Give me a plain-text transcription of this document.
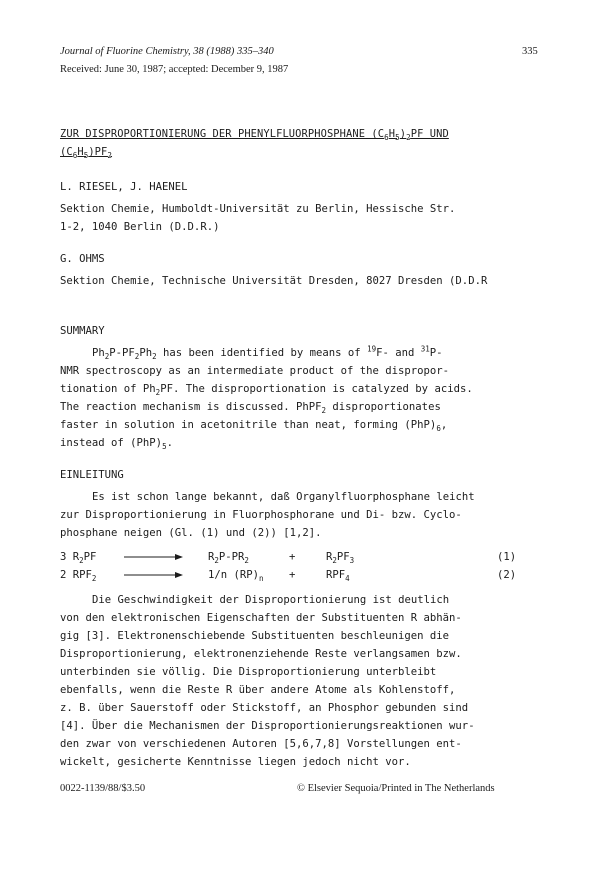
Journal of Fluorine Chemistry, 38 (1988) 335–340	335
Received: June 30, 1987; accepted: December 9, 1987
ZUR DISPROPORTIONIERUNG DER PHENYLFLUORPHOSPHANE $(C_6H_5)_2PF$ UND
$(C_6H_5)PF_2$
L. RIESEL, J. HAENEL
Sektion Chemie, Humboldt-Universität zu Berlin, Hessische Str.
1-2, 1040 Berlin (D.D.R.)
G. OHMS
Sektion Chemie, Technische Universität Dresden, 8027 Dresden (D.D.R
SUMMARY
$Ph_2P-PF_2Ph_2$ has been identified by means of $^{19}$F- and $^{31}$P-
NMR spectroscopy as an intermediate product of the dispropor-
tionation of $Ph_2PF$. The disproportionation is catalyzed by acids.
The reaction mechanism is discussed. PhPF$_2$ disproportionates
faster in solution in acetonitrile than neat, forming $(PhP)_6$,
instead of $(PhP)_5$.
EINLEITUNG
Es ist schon lange bekannt, daß Organylfluorphosphane leicht
zur Disproportionierung in Fluorphosphorane und Di- bzw. Cyclo-
phosphane neigen (Gl. (1) und (2)) [1,2].
3 $R_2PF \to R_2P-PR_2$	+	$R_2PF_3$	(1)
2 $RPF_2 \to 1/n$ $(RP)_n$ +	$RPF_4$	(2)
Die Geschwindigkeit der Disproportionierung ist deutlich
von den elektronischen Eigenschaften der Substituenten R abhän-
gig [3]. Elektronenschiebende Substituenten beschleunigen die
Disproportionierung, elektronenziehende Reste verlangsamen bzw.
unterbinden sie völlig. Die Disproportionierung unterbleibt
ebenfalls, wenn die Reste R über andere Atome als Kohlenstoff,
z. B. über Sauerstoff oder Stickstoff, an Phosphor gebunden sind
[4]. Über die Mechanismen der Disproportionierungsreaktionen wur-
den zwar von verschiedenen Autoren [5,6,7,8] Vorstellungen ent-
wickelt, gesicherte Kenntnisse liegen jedoch nicht vor.
0022-1139/88/$3.50	© Elsevier Sequoia/Printed in The Netherlands
